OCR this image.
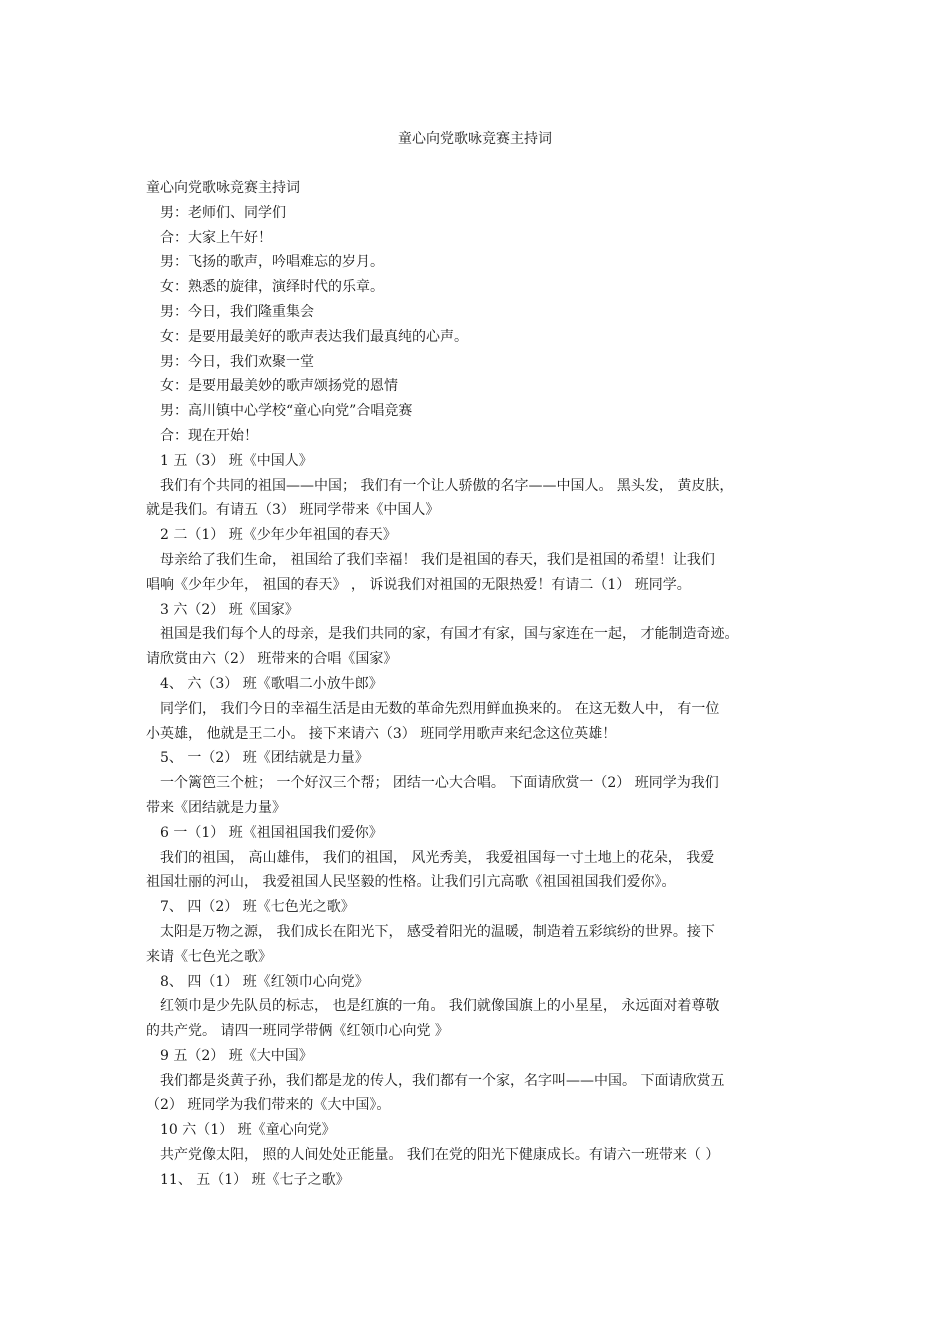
童心向党歌咏竞赛主持词
童心向党歌咏竞赛主持词
男：老师们、同学们
合：大家上午好！
男：飞扬的歌声，吟唱难忘的岁月。
女：熟悉的旋律，演绎时代的乐章。
男：今日，我们隆重集会
女：是要用最美好的歌声表达我们最真纯的心声。
男：今日，我们欢聚一堂
女：是要用最美妙的歌声颂扬党的恩情
男：高川镇中心学校“童心向党”合唱竞赛
合：现在开始！
1 五（3） 班《中国人》
我们有个共同的祖国——中国； 我们有一个让人骄傲的名字——中国人。 黑头发， 黄皮肤，
就是我们。有请五（3） 班同学带来《中国人》
2 二（1） 班《少年少年祖国的春天》
母亲给了我们生命， 祖国给了我们幸福！ 我们是祖国的春天，我们是祖国的希望！让我们
唱响《少年少年， 祖国的春天》 ， 诉说我们对祖国的无限热爱！有请二（1） 班同学。
3 六（2） 班《国家》
祖国是我们每个人的母亲，是我们共同的家，有国才有家，国与家连在一起， 才能制造奇迹。
请欣赏由六（2） 班带来的合唱《国家》
4、 六（3） 班《歌唱二小放牛郎》
同学们， 我们今日的幸福生活是由无数的革命先烈用鲜血换来的。 在这无数人中， 有一位
小英雄， 他就是王二小。 接下来请六（3） 班同学用歌声来纪念这位英雄！
5、 一（2） 班《团结就是力量》
一个篱笆三个桩； 一个好汉三个帮； 团结一心大合唱。 下面请欣赏一（2） 班同学为我们
带来《团结就是力量》
6 一（1） 班《祖国祖国我们爱你》
我们的祖国， 高山雄伟， 我们的祖国， 风光秀美， 我爱祖国每一寸土地上的花朵， 我爱
祖国壮丽的河山， 我爱祖国人民坚毅的性格。让我们引亢高歌《祖国祖国我们爱你》。
7、 四（2） 班《七色光之歌》
太阳是万物之源， 我们成长在阳光下， 感受着阳光的温暖，制造着五彩缤纷的世界。接下
来请《七色光之歌》
8、 四（1） 班《红领巾心向党》
红领巾是少先队员的标志， 也是红旗的一角。 我们就像国旗上的小星星， 永远面对着尊敬
的共产党。 请四一班同学带俩《红领巾心向党 》
9 五（2） 班《大中国》
我们都是炎黄子孙，我们都是龙的传人，我们都有一个家，名字叫——中国。 下面请欣赏五
（2） 班同学为我们带来的《大中国》。
10 六（1） 班《童心向党》
共产党像太阳， 照的人间处处正能量。 我们在党的阳光下健康成长。有请六一班带来（ ）
11、 五（1） 班《七子之歌》
